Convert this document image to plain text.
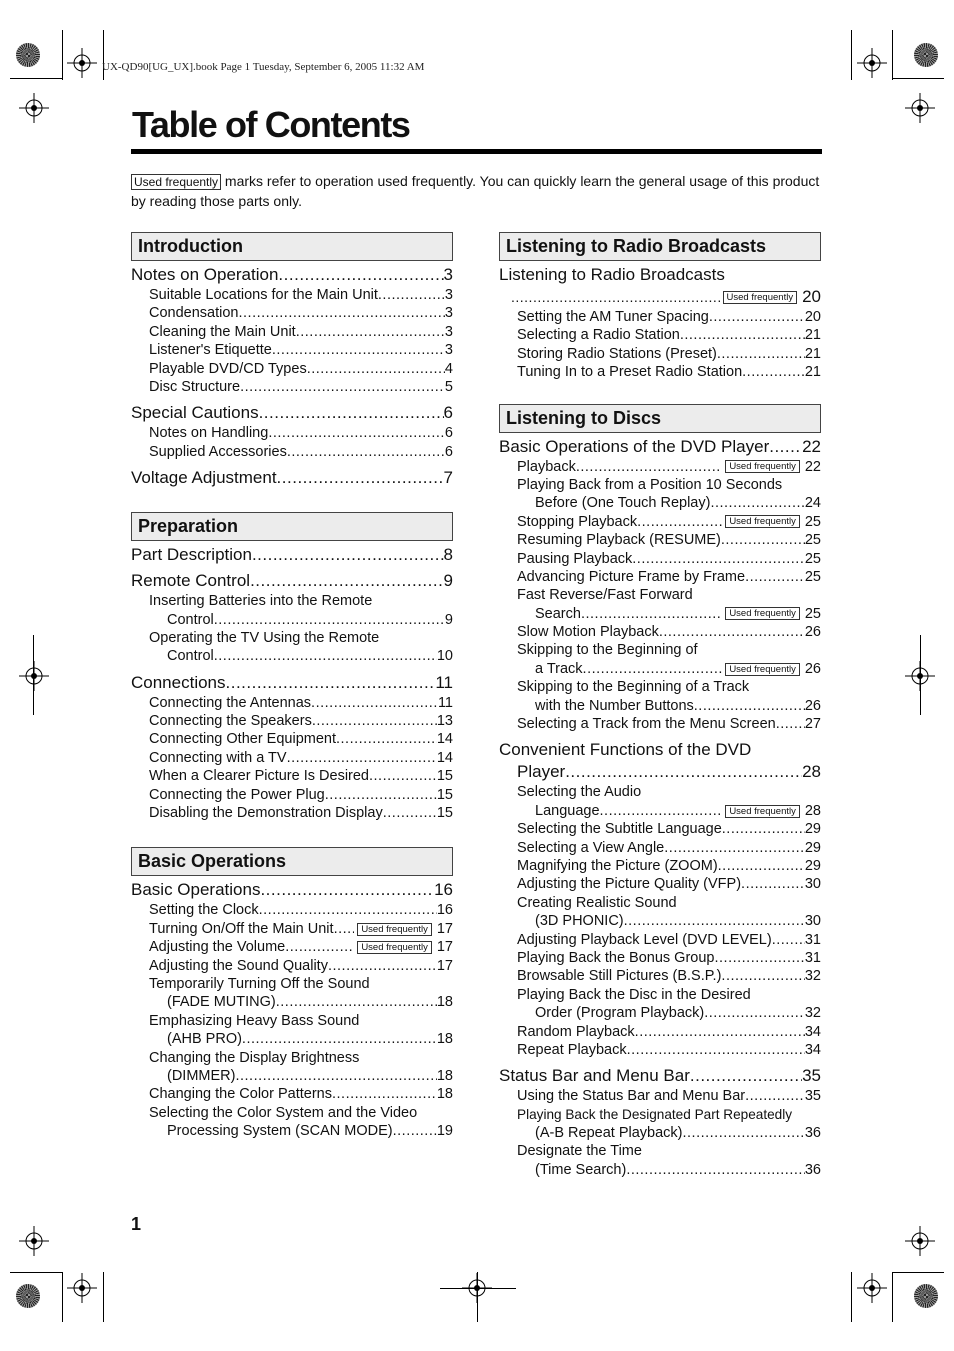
UX-QD90[UG_UX].book Page 1 Tuesday, September 6, 2005 11:32 AM
Table of Contents
Used frequently marks refer to operation used frequently. You can quickly learn the general usage of this product by reading those parts only.
Introduction
Notes on Operation .....	3
Suitable Locations for the Main Unit .....	3
Condensation .....	3
Cleaning the Main Unit .....	3
Listener's Etiquette .....	3
Playable DVD/CD Types .....	4
Disc Structure .....	5
Special Cautions .....	6
Notes on Handling .....	6
Supplied Accessories .....	6
Voltage Adjustment .....	7
Preparation
Part Description .....	8
Remote Control .....	9
Inserting Batteries into the Remote
Control .....	9
Operating the TV Using the Remote
Control .....	10
Connections .....	11
Connecting the Antennas .....	11
Connecting the Speakers .....	13
Connecting Other Equipment .....	14
Connecting with a TV .....	14
When a Clearer Picture Is Desired .....	15
Connecting the Power Plug .....	15
Disabling the Demonstration Display .....	15
Basic Operations
Basic Operations .....	16
Setting the Clock .....	16
Turning On/Off the Main Unit .....	Used frequently 17
Adjusting the Volume .....	Used frequently 17
Adjusting the Sound Quality .....	17
Temporarily Turning Off the Sound
(FADE MUTING) .....	18
Emphasizing Heavy Bass Sound
(AHB PRO) .....	18
Changing the Display Brightness
(DIMMER) .....	18
Changing the Color Patterns .....	18
Selecting the Color System and the Video
Processing System (SCAN MODE) .....	19
Listening to Radio Broadcasts
Listening to Radio Broadcasts
.....
Used frequently 20
Setting the AM Tuner Spacing .....	20
Selecting a Radio Station .....	21
Storing Radio Stations (Preset) .....	21
Tuning In to a Preset Radio Station .....	21
Listening to Discs
Basic Operations of the DVD Player ..... 22
Playback .....	Used frequently 22
Playing Back from a Position 10 Seconds
Before (One Touch Replay) .....	24
Stopping Playback .....	Used frequently 25
Resuming Playback (RESUME) .....	25
Pausing Playback .....	25
Advancing Picture Frame by Frame .....	25
Fast Reverse/Fast Forward
Search .....	Used frequently 25
Slow Motion Playback .....	26
Skipping to the Beginning of
a Track .....	Used frequently 26
Skipping to the Beginning of a Track
with the Number Buttons .....	26
Selecting a Track from the Menu Screen ..... 27
Convenient Functions of the DVD
Player .....	28
Selecting the Audio
Language .....	Used frequently 28
Selecting the Subtitle Language .....	29
Selecting a View Angle .....	29
Magnifying the Picture (ZOOM) .....	29
Adjusting the Picture Quality (VFP) .....	30
Creating Realistic Sound
(3D PHONIC) .....	30
Adjusting Playback Level (DVD LEVEL) ..... 31
Playing Back the Bonus Group .....	31
Browsable Still Pictures (B.S.P.) .....	32
Playing Back the Disc in the Desired
Order (Program Playback) .....	32
Random Playback .....	34
Repeat Playback .....	34
Status Bar and Menu Bar .....	35
Using the Status Bar and Menu Bar .....	35
Playing Back the Designated Part Repeatedly
(A-B Repeat Playback) .....	36
Designate the Time
(Time Search) .....	36
1
